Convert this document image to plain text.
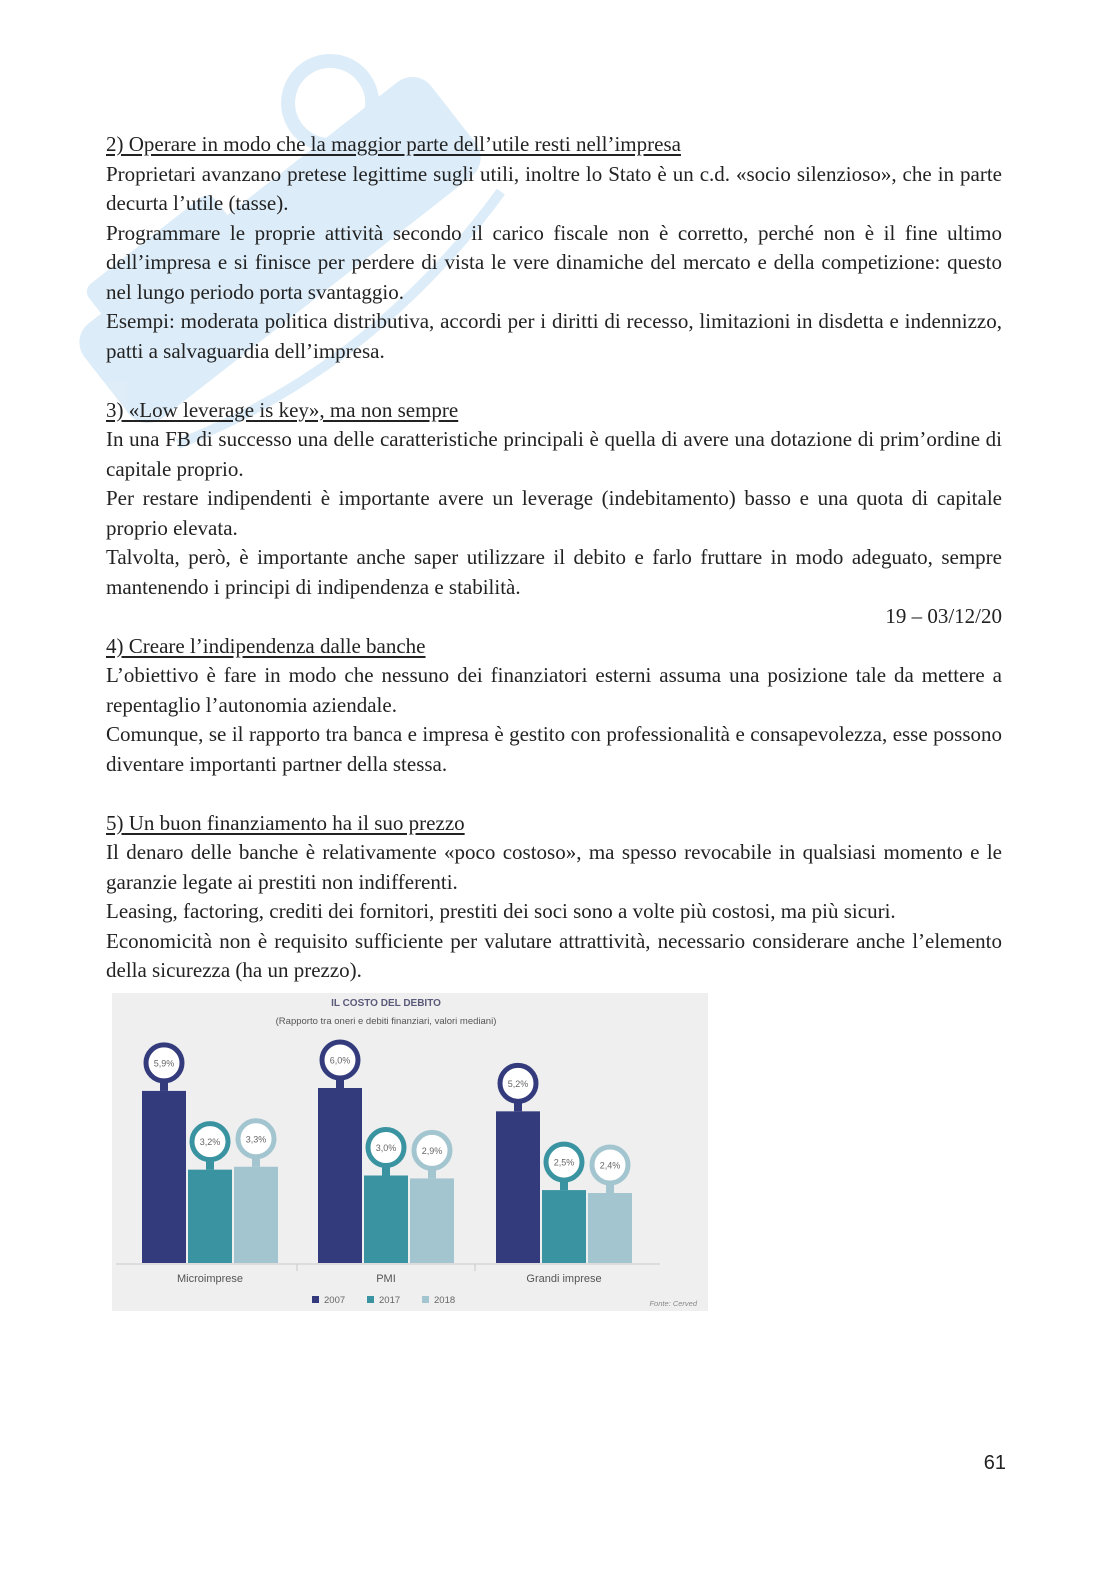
2) Operare in modo che la maggior parte dell’utile resti nell’impresa

Proprietari avanzano pretese legittime sugli utili, inoltre lo Stato è un c.d. «socio silenzioso», che in parte decurta l’utile (tasse).

Programmare le proprie attività secondo il carico fiscale non è corretto, perché non è il fine ultimo dell’impresa e si finisce per perdere di vista le vere dinamiche del mercato e della competizione: questo nel lungo periodo porta svantaggio.

Esempi: moderata politica distributiva, accordi per i diritti di recesso, limitazioni in disdetta e indennizzo, patti a salvaguardia dell’impresa.

3) «Low leverage is key», ma non sempre

In una FB di successo una delle caratteristiche principali è quella di avere una dotazione di prim’ordine di capitale proprio.

Per restare indipendenti è importante avere un leverage (indebitamento) basso e una quota di capitale proprio elevata.

Talvolta, però, è importante anche saper utilizzare il debito e farlo fruttare in modo adeguato, sempre mantenendo i principi di indipendenza e stabilità.

19 – 03/12/20

4) Creare l’indipendenza dalle banche

L’obiettivo è fare in modo che nessuno dei finanziatori esterni assuma una posizione tale da mettere a repentaglio l’autonomia aziendale.

Comunque, se il rapporto tra banca e impresa è gestito con professionalità e consapevolezza, esse possono diventare importanti partner della stessa.

5) Un buon finanziamento ha il suo prezzo

Il denaro delle banche è relativamente «poco costoso», ma spesso revocabile in qualsiasi momento e le garanzie legate ai prestiti non indifferenti.

Leasing, factoring, crediti dei fornitori, prestiti dei soci sono a volte più costosi, ma più sicuri.

Economicità non è requisito sufficiente per valutare attrattività, necessario considerare anche l’elemento della sicurezza (ha un prezzo).

IL COSTO DEL DEBITO
(Rapporto tra oneri e debiti finanziari, valori mediani)
5,9%
3,2%	3,3%
Microimprese
6,0%
3,0%	2,9%
PMI
5,2%
2,5%	2,4%
Grandi imprese
2007	2017	2018	Fonte: Cerved
61
